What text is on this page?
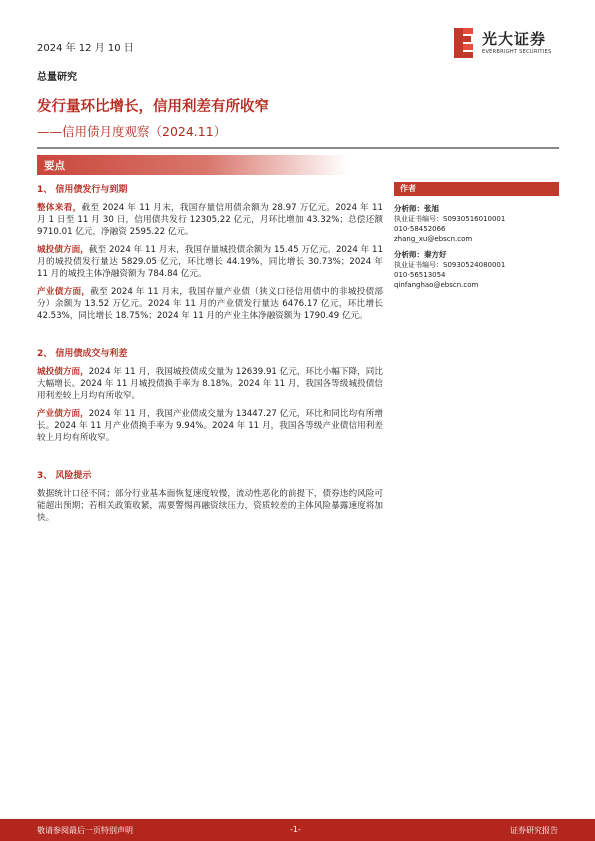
2024 年 12 月 10 日
光大证券
EVERBRIGHT SECURITIES
总量研究
发行量环比增长，信用利差有所收窄
——信用债月度观察（2024.11）
要点
1、 信用债发行与到期
整体来看，截至 2024 年 11 月末，我国存量信用债余额为 28.97 万亿元。2024 年 11 月 1 日至 11 月 30 日，信用债共发行 12305.22 亿元，月环比增加 43.32%；总偿还额 9710.01 亿元，净融资 2595.22 亿元。
城投债方面，截至 2024 年 11 月末，我国存量城投债余额为 15.45 万亿元。2024 年 11 月的城投债发行量达 5829.05 亿元，环比增长 44.19%，同比增长 30.73%；2024 年 11 月的城投主体净融资额为 784.84 亿元。
产业债方面，截至 2024 年 11 月末，我国存量产业债（狭义口径信用债中的非城投债部分）余额为 13.52 万亿元。2024 年 11 月的产业债发行量达 6476.17 亿元，环比增长 42.53%，同比增长 18.75%；2024 年 11 月的产业主体净融资额为 1790.49 亿元。
2、 信用债成交与利差
城投债方面，2024 年 11 月，我国城投债成交量为 12639.91 亿元，环比小幅下降，同比大幅增长。2024 年 11 月城投债换手率为 8.18%。2024 年 11 月，我国各等级城投债信用利差较上月均有所收窄。
产业债方面，2024 年 11 月，我国产业债成交量为 13447.27 亿元，环比和同比均有所增长。2024 年 11 月产业债换手率为 9.94%。2024 年 11 月，我国各等级产业债信用利差较上月均有所收窄。
3、 风险提示
数据统计口径不同；部分行业基本面恢复速度较慢，流动性恶化的前提下，债券违约风险可能超出预期；若相关政策收紧，需要警惕再融资续压力，资质较差的主体风险暴露速度将加快。
作者
分析师：张旭
执业证书编号：S0930516010001
010-58452066
zhang_xu@ebscn.com
分析师：秦方好
执业证书编号：S0930524080001
010-56513054
qinfanghao@ebscn.com
敬请参阅最后一页特别声明	-1-	证券研究报告
